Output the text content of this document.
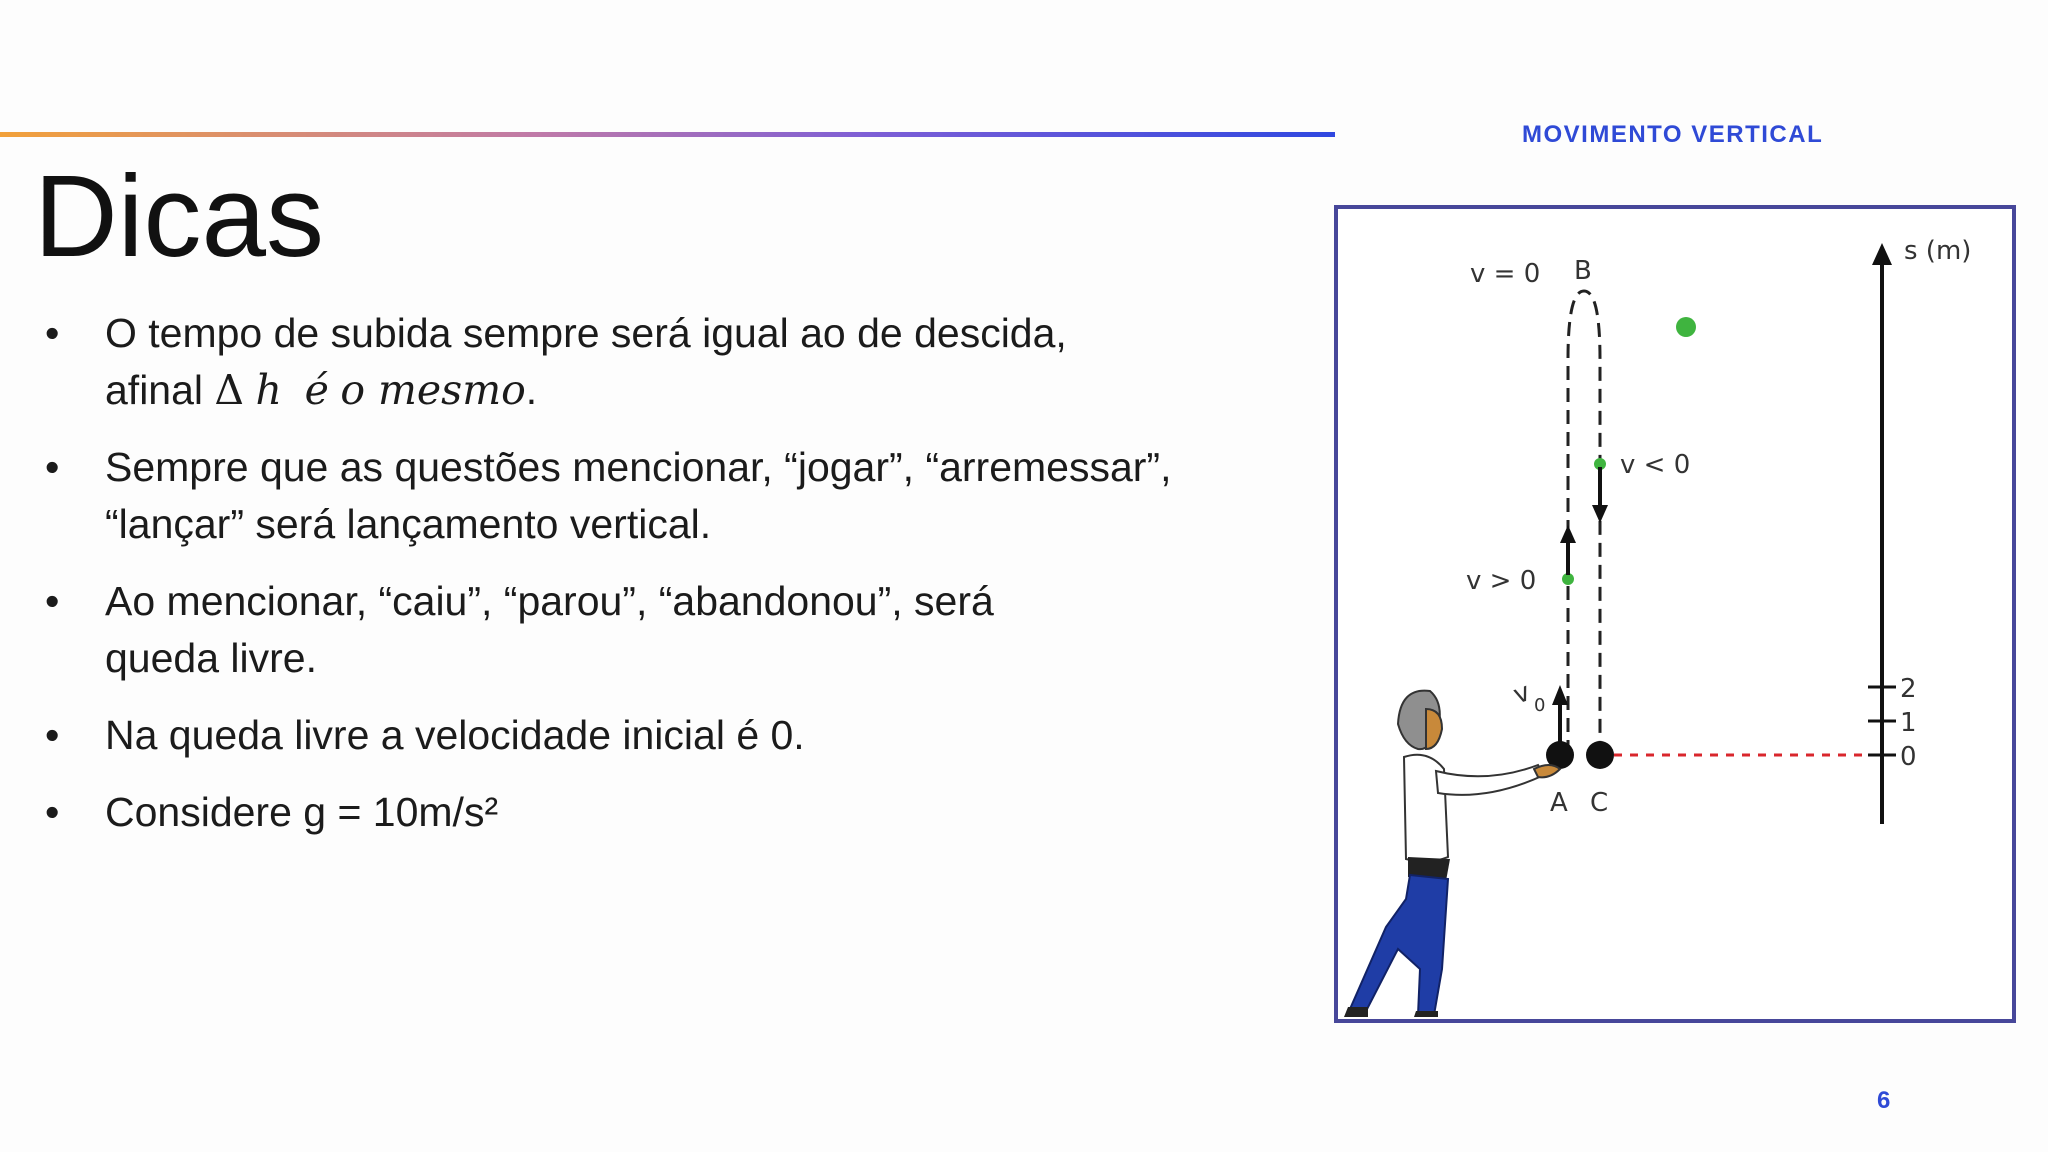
MOVIMENTO VERTICAL
Dicas
• O tempo de subida sempre será igual ao de descida,
afinal Δ h é o mesmo.
• Sempre que as questões mencionar, “jogar”, “arremessar”,
“lançar” será lançamento vertical.
• Ao mencionar, “caiu”, “parou”, “abandonou”, será
queda livre.
• Na queda livre a velocidade inicial é 0.
• Considere g = 10m/s²
s (m)
2
1
0
v = 0 B
v < 0
v > 0
v 0
A C
6
